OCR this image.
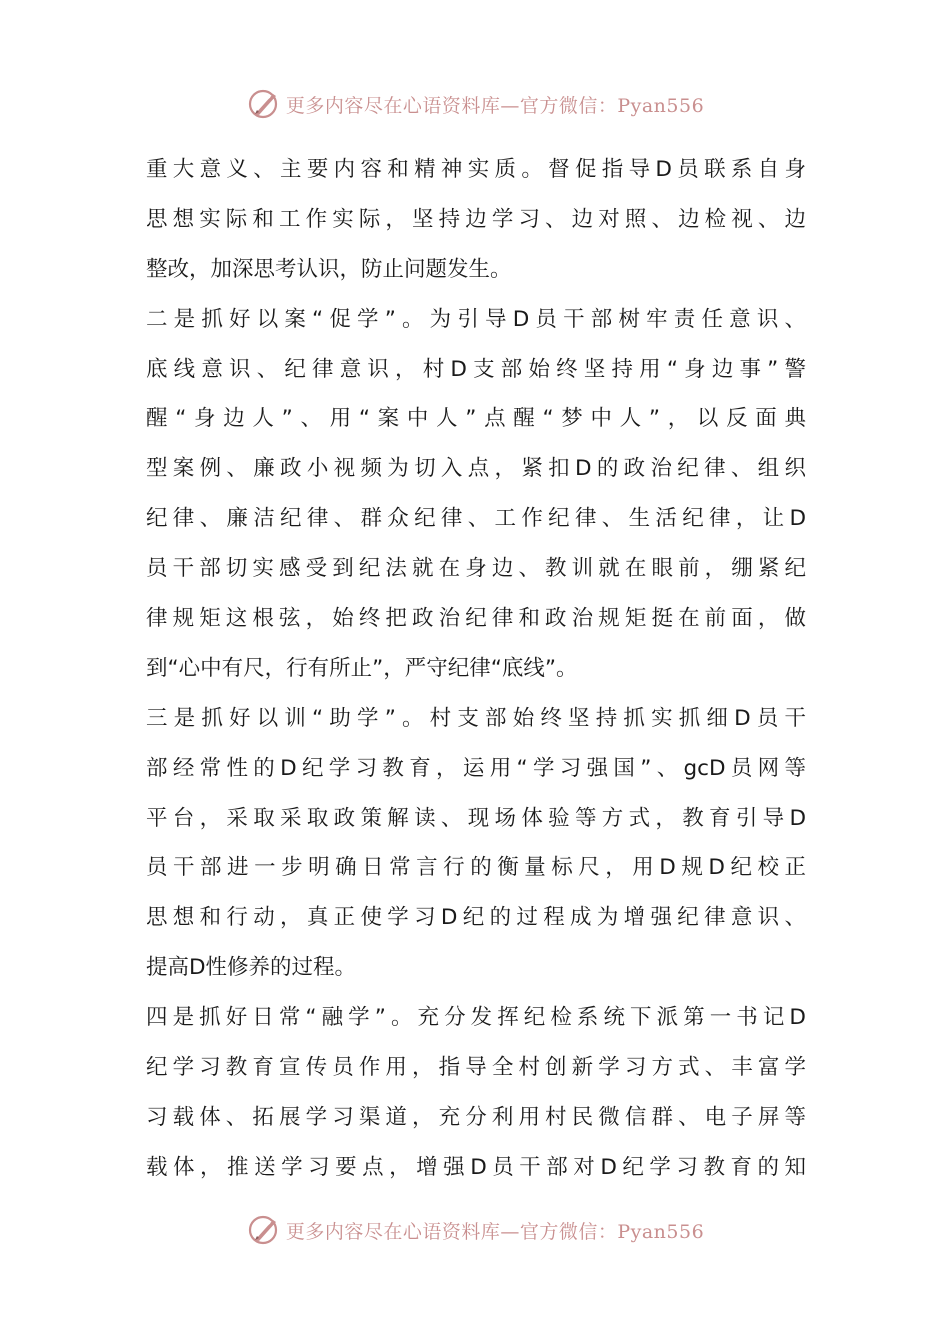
更多内容尽在心语资料库—官方微信：Pyan556
重大意义、主要内容和精神实质。督促指导D员联系自身
思想实际和工作实际，坚持边学习、边对照、边检视、边
整改，加深思考认识，防止问题发生。
二是抓好以案“促学”。为引导D员干部树牢责任意识、
底线意识、纪律意识，村D支部始终坚持用“身边事”警
醒“身边人”、用“案中人”点醒“梦中人”，以反面典
型案例、廉政小视频为切入点，紧扣D的政治纪律、组织
纪律、廉洁纪律、群众纪律、工作纪律、生活纪律，让D
员干部切实感受到纪法就在身边、教训就在眼前，绷紧纪
律规矩这根弦，始终把政治纪律和政治规矩挺在前面，做
到“心中有尺，行有所止”，严守纪律“底线”。
三是抓好以训“助学”。村支部始终坚持抓实抓细D员干
部经常性的D纪学习教育，运用“学习强国”、gcD员网等
平台，采取采取政策解读、现场体验等方式，教育引导D
员干部进一步明确日常言行的衡量标尺，用D规D纪校正
思想和行动，真正使学习D纪的过程成为增强纪律意识、
提高D性修养的过程。
四是抓好日常“融学”。充分发挥纪检系统下派第一书记D
纪学习教育宣传员作用，指导全村创新学习方式、丰富学
习载体、拓展学习渠道，充分利用村民微信群、电子屏等
载体，推送学习要点，增强D员干部对D纪学习教育的知
更多内容尽在心语资料库—官方微信：Pyan556
